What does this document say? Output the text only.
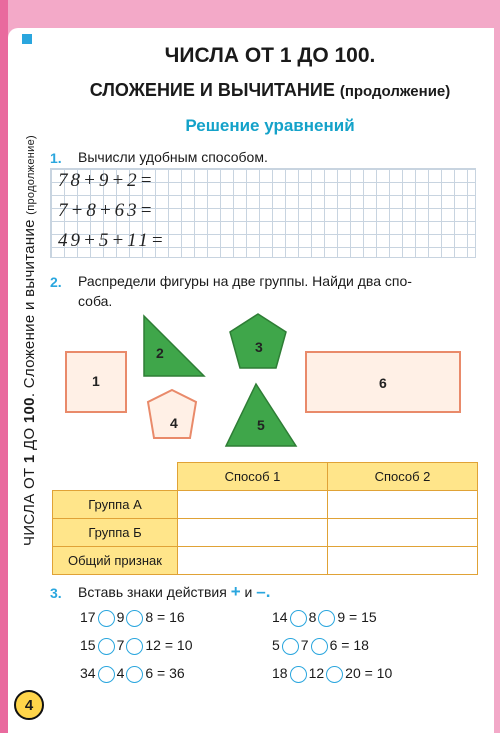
ЧИСЛА ОТ 1 ДО 100. Сложение и вычитание (продолжение)
4
ЧИСЛА ОТ 1 ДО 100.
СЛОЖЕНИЕ И ВЫЧИТАНИЕ (продолжение)
Решение уравнений
1. Вычисли удобным способом.
78+9+2=
7+8+63=
49+5+11=
2. Распредели фигуры на две группы. Найди два спо-
соба.
1
2	3
4	5
6
	Способ 1	Способ 2
Группа А		
Группа Б		
Общий признак		
3. Вставь знаки действия + и –.
17 9 8 = 16	14 8 9 = 15
15 7 12 = 10	5 7 6 = 18
34 4 6 = 36	18 12 20 = 10
